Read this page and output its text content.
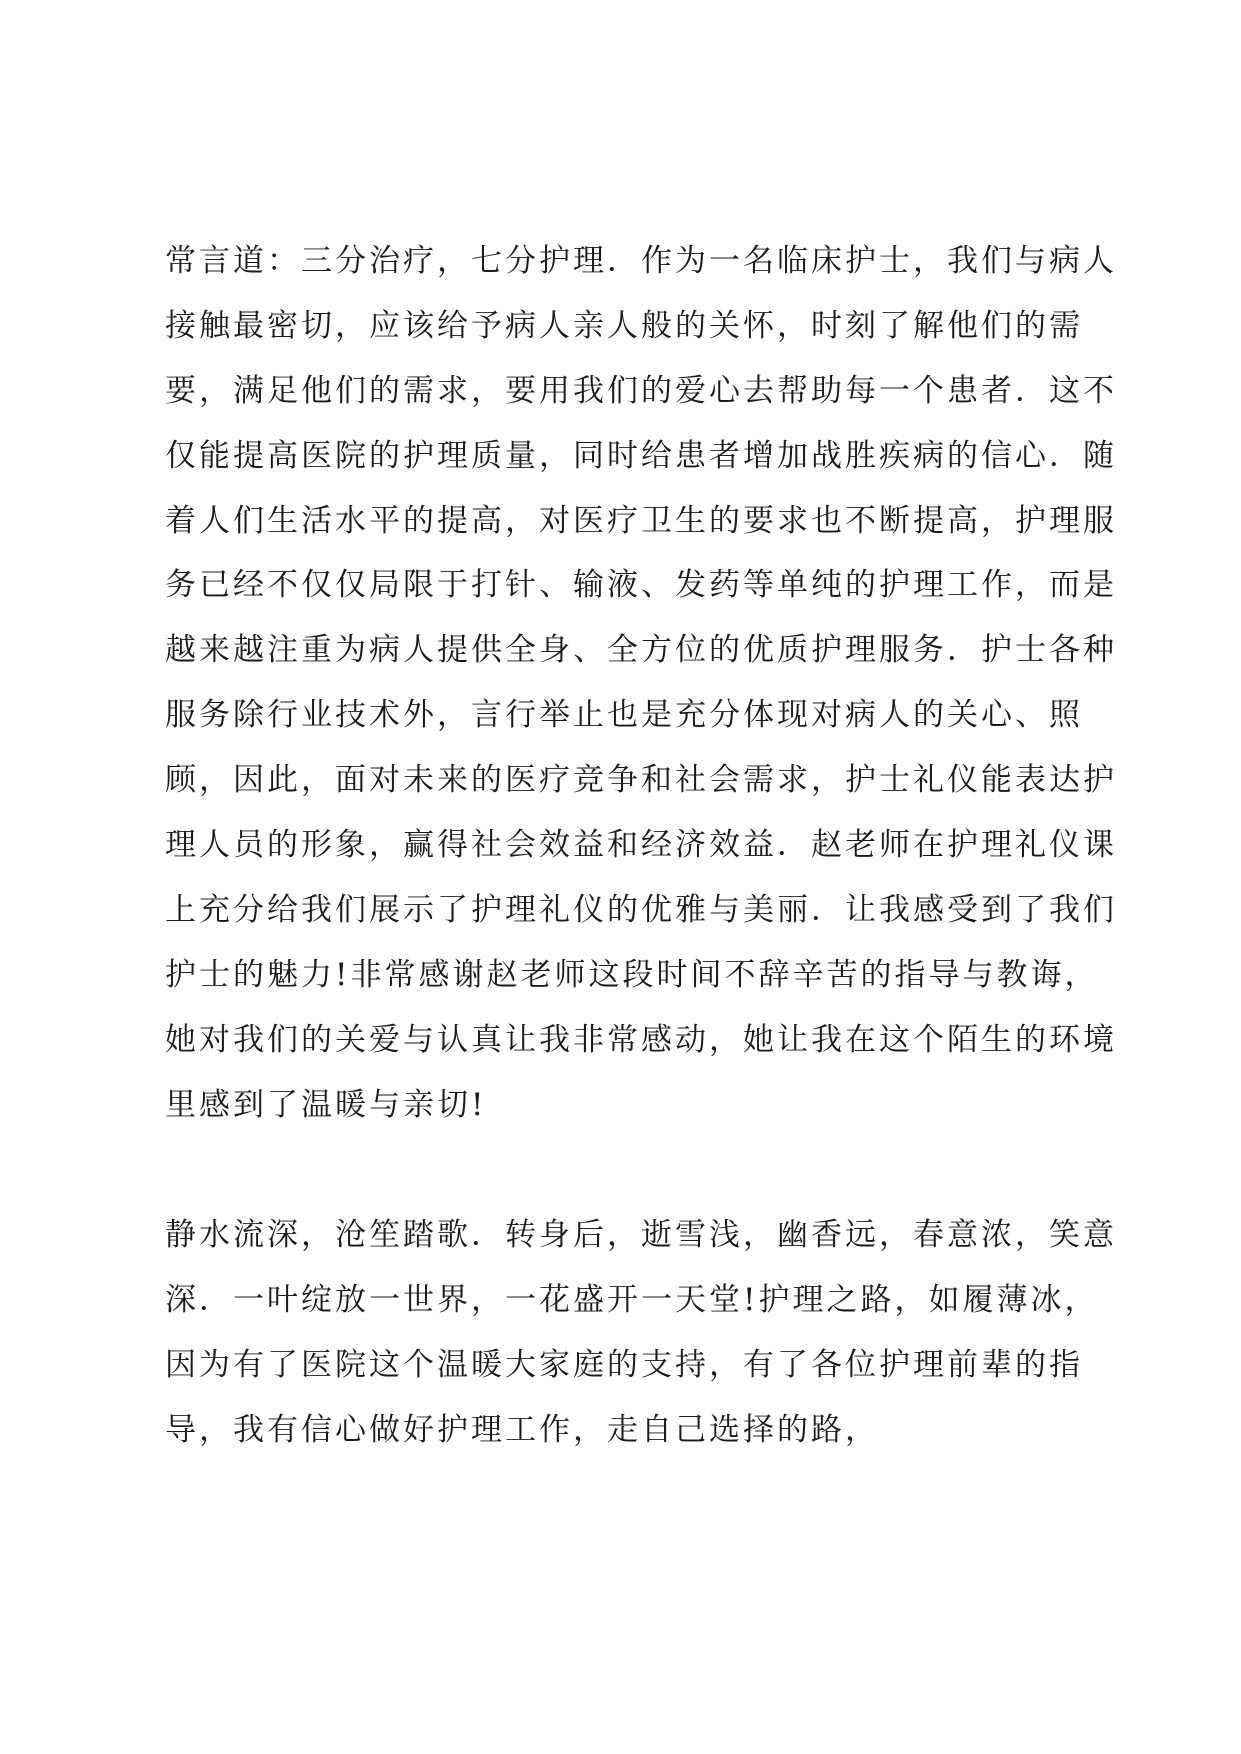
常言道：三分治疗，七分护理．作为一名临床护士，我们与病人
接触最密切，应该给予病人亲人般的关怀，时刻了解他们的需
要，满足他们的需求，要用我们的爱心去帮助每一个患者．这不
仅能提高医院的护理质量，同时给患者增加战胜疾病的信心．随
着人们生活水平的提高，对医疗卫生的要求也不断提高，护理服
务已经不仅仅局限于打针、输液、发药等单纯的护理工作，而是
越来越注重为病人提供全身、全方位的优质护理服务．护士各种
服务除行业技术外，言行举止也是充分体现对病人的关心、照
顾，因此，面对未来的医疗竞争和社会需求，护士礼仪能表达护
理人员的形象，赢得社会效益和经济效益．赵老师在护理礼仪课
上充分给我们展示了护理礼仪的优雅与美丽．让我感受到了我们
护士的魅力!非常感谢赵老师这段时间不辞辛苦的指导与教诲，
她对我们的关爱与认真让我非常感动，她让我在这个陌生的环境
里感到了温暖与亲切!
静水流深，沧笙踏歌．转身后，逝雪浅，幽香远，春意浓，笑意
深．一叶绽放一世界，一花盛开一天堂!护理之路，如履薄冰，
因为有了医院这个温暖大家庭的支持，有了各位护理前辈的指
导，我有信心做好护理工作，走自己选择的路，
